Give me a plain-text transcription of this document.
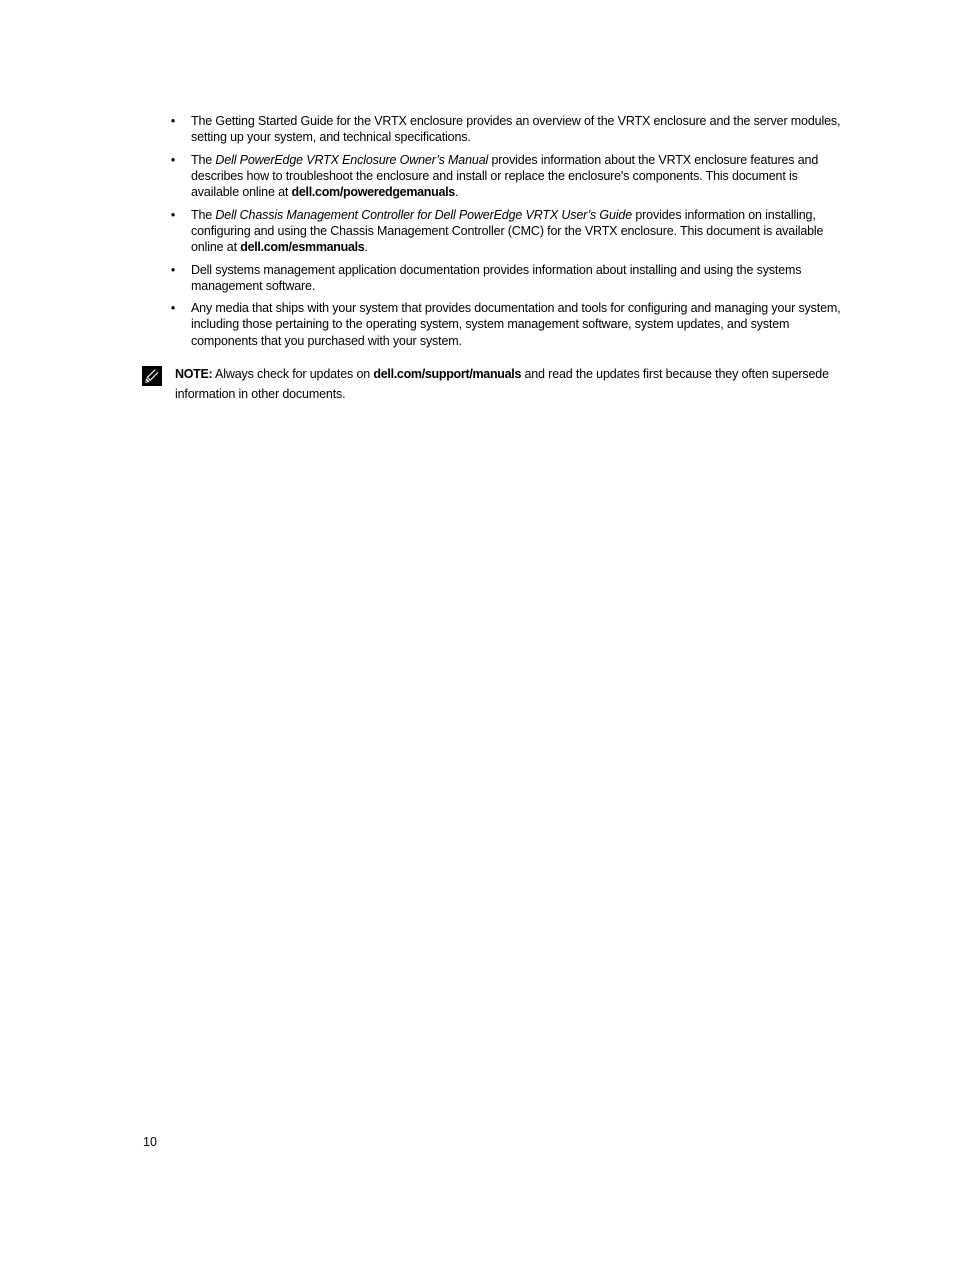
• The Getting Started Guide for the VRTX enclosure provides an overview of the VRTX enclosure and the server modules, setting up your system, and technical specifications.
• The Dell PowerEdge VRTX Enclosure Owner’s Manual provides information about the VRTX enclosure features and describes how to troubleshoot the enclosure and install or replace the enclosure's components. This document is available online at dell.com/poweredgemanuals.
• The Dell Chassis Management Controller for Dell PowerEdge VRTX User’s Guide provides information on installing, configuring and using the Chassis Management Controller (CMC) for the VRTX enclosure. This document is available online at dell.com/esmmanuals.
• Dell systems management application documentation provides information about installing and using the systems management software.
• Any media that ships with your system that provides documentation and tools for configuring and managing your system, including those pertaining to the operating system, system management software, system updates, and system components that you purchased with your system.
NOTE: Always check for updates on dell.com/support/manuals and read the updates first because they often supersede information in other documents.
10
